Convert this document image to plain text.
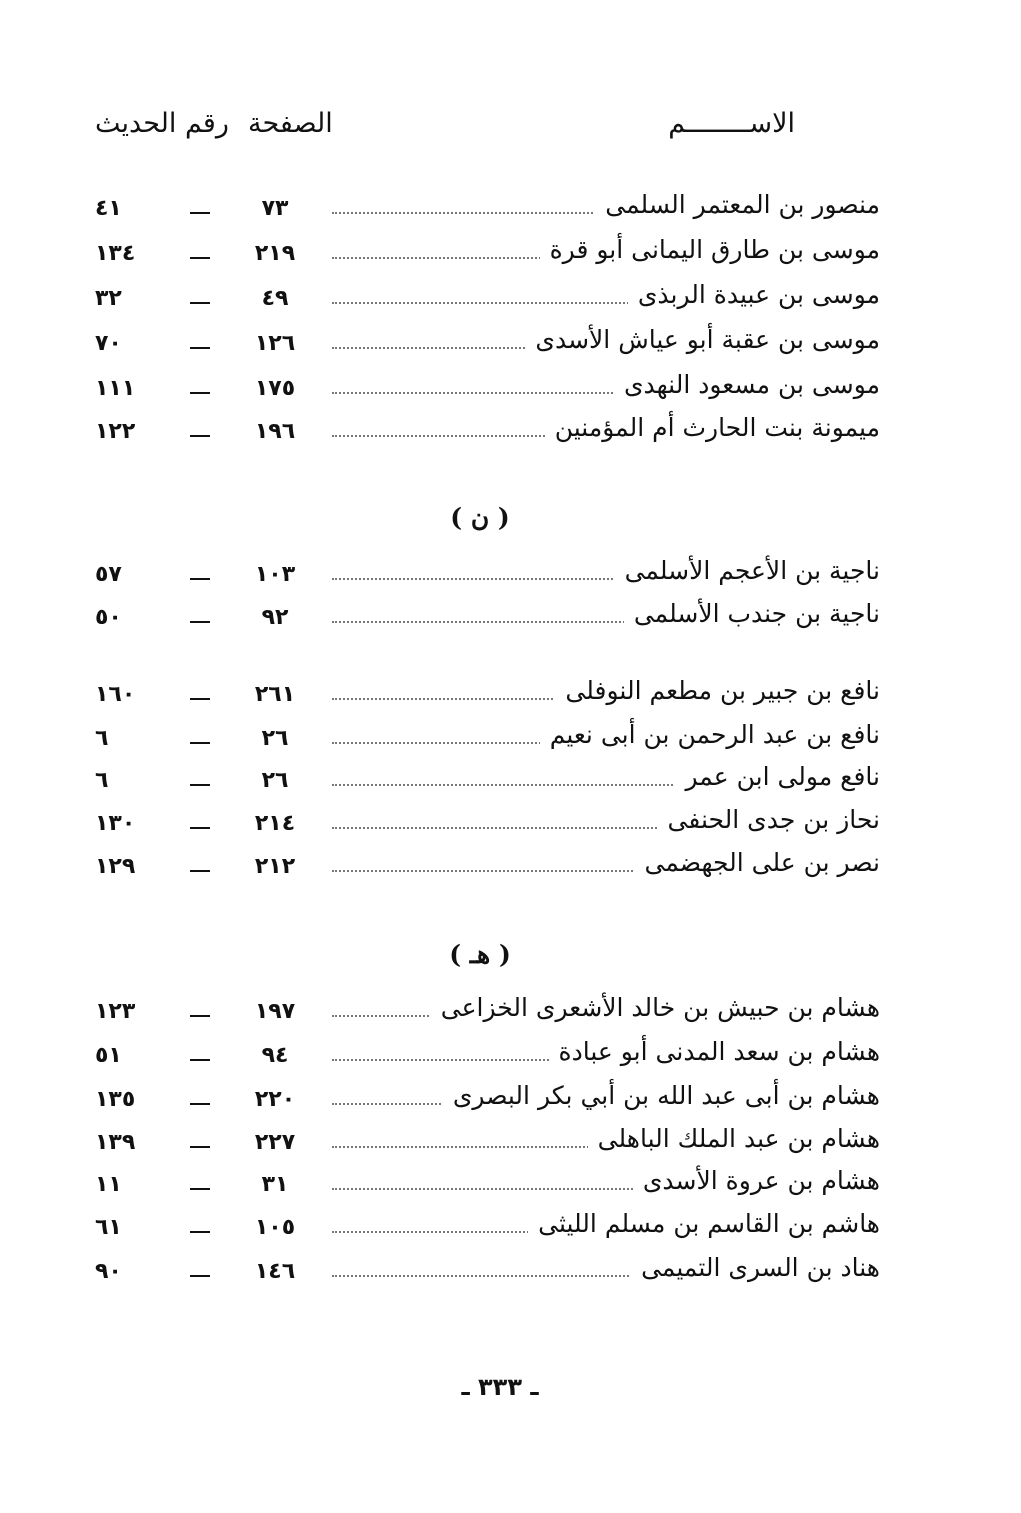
رقم الحديث الصفحة	الاســــــــم
٤١	٧٣	منصور بن المعتمر السلمى
١٣٤	٢١٩	موسى بن طارق اليمانى أبو قرة
٣٢	٤٩	موسى بن عبيدة الربذى
٧٠	١٢٦	موسى بن عقبة أبو عياش الأسدى
١١١	١٧٥	موسى بن مسعود النهدى
١٢٢	١٩٦	ميمونة بنت الحارث أم المؤمنين
( ن )
٥٧	١٠٣	ناجية بن الأعجم الأسلمى
٥٠	٩٢	ناجية بن جندب الأسلمى
١٦٠	٢٦١	نافع بن جبير بن مطعم النوفلى
٦	٢٦	نافع بن عبد الرحمن بن أبى نعيم
٦	٢٦	نافع مولى ابن عمر
١٣٠	٢١٤	نحاز بن جدى الحنفى
١٢٩	٢١٢	نصر بن على الجهضمى
( هـ )
١٢٣	١٩٧	هشام بن حبيش بن خالد الأشعرى الخزاعى
٥١	٩٤	هشام بن سعد المدنى أبو عبادة
١٣٥	٢٢٠	هشام بن أبى عبد الله بن أبي بكر البصرى
١٣٩	٢٢٧	هشام بن عبد الملك الباهلى
١١	٣١	هشام بن عروة الأسدى
٦١	١٠٥	هاشم بن القاسم بن مسلم الليثى
٩٠	١٤٦	هناد بن السرى التميمى
ـ ٣٣٣ ـ
